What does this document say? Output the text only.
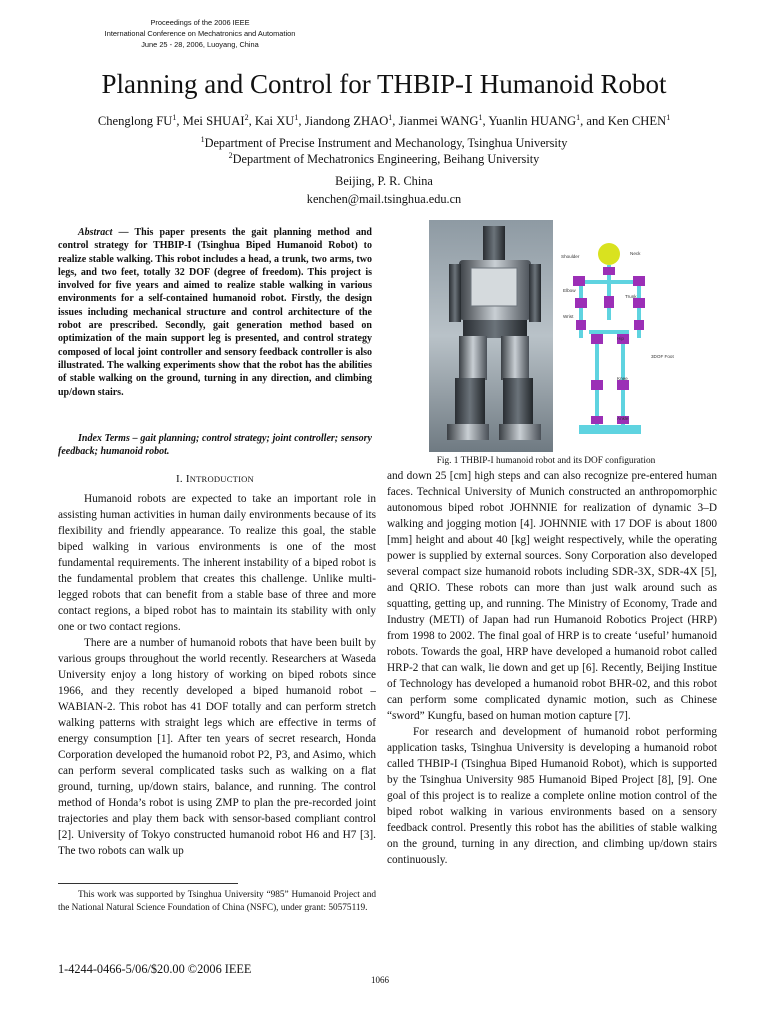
Proceedings of the 2006 IEEE
International Conference on Mechatronics and Automation
June 25 - 28, 2006, Luoyang, China
Planning and Control for THBIP-I Humanoid Robot
Chenglong $FU^1$, Mei SHUAI$^2$, Kai $XU^1$, Jiandong ZHAO$^1$, Jianmei WANG$^1$, Yuanlin HUANG$^1$, and Ken CHEN$^1$
$^1$Department of Precise Instrument and Mechanology, Tsinghua University
$^2$Department of Mechatronics Engineering, Beihang University
Beijing, P. R. China
kenchen@mail.tsinghua.edu.cn
Abstract — This paper presents the gait planning method and control strategy for THBIP-I (Tsinghua Biped Humanoid Robot) to realize stable walking. This robot includes a head, a trunk, two arms, two legs, and two feet, totally 32 DOF (degree of freedom). This project is involved for five years and aimed to realize stable walking in various environments for a self-contained humanoid robot. Firstly, the design issues including mechanical structure and control architecture of the robot are prescribed. Secondly, gait generation method based on optimization of the main support leg is presented, and control strategy composed of local joint controller and sensory feedback controller is also illustrated. The walking experiments show that the robot has the abilities of stable walking on the ground, turning in any direction, and climbing up/down stairs.
Index Terms – gait planning; control strategy; joint controller; sensory feedback; humanoid robot.
I. INTRODUCTION

Humanoid robots are expected to take an important role in assisting human activities in human daily environments because of its flexibility and friendly appearance. To realize this goal, the stable biped walking in various environments is one of the most fundamental requirements. The inherent instability of a biped robot is the fundamental problem that creates this challenge. Unlike multi-legged robots that can benefit from a stable base of three and more contact regions, a biped robot has to maintain its stability with only one or two contact regions.

There are a number of humanoid robots that have been built by various groups throughout the world recently. Researchers at Waseda University enjoy a long history of working on biped robots since 1966, and they recently developed a biped humanoid robot – WABIAN-2. This robot has 41 DOF totally and can perform stretch walking patterns with straight legs which are effective in terms of energy consumption [1]. After ten years of secret research, Honda Corporation developed the humanoid robot P2, P3, and Asimo, which can perform several complicated tasks such as walking on a flat ground, turning, up/down stairs, balance, and running. The control method of Honda’s robot is using ZMP to plan the pre-recorded joint trajectories and play them back with sensor-based compliant control [2]. University of Tokyo constructed humanoid robot H6 and H7 [3]. The two robots can walk up

This work was supported by Tsinghua University “985” Humanoid Project and the National Natural Science Foundation of China (NSFC), under grant: 50575119.
1-4244-0466-5/06/$20.00 ©2006 IEEE
1066
Neck
Shoulder
Elbow
Trunk
Wrist
Hip
3DOF Foot
Knee
Ankle
Fig. 1 THBIP-I humanoid robot and its DOF configuration

and down 25 [cm] high steps and can also recognize pre-entered human faces. Technical University of Munich constructed an anthropomorphic autonomous biped robot JOHNNIE for realization of dynamic 3–D walking and jogging motion [4]. JOHNNIE with 17 DOF is about 1800 [mm] height and about 40 [kg] weight respectively, while the operating power is supplied by external sources. Sony Corporation also developed several compact size humanoid robots including SDR-3X, SDR-4X [5], and QRIO. These robots can more than just walk around such as squatting, getting up, and running. The Ministry of Economy, Trade and Industry (METI) of Japan had run Humanoid Robotics Project (HRP) from 1998 to 2002. The final goal of HRP is to create ‘useful’ humanoid robots. Towards the goal, HRP have developed a humanoid robot called HRP-2 that can walk, lie down and get up [6]. Recently, Beijing Institue of Technology has developed a humanoid robot BHR-02, and this robot can perform some complicated dynamic motion, such as Chinese “sword” Kungfu, based on human motion capture [7].

For research and development of humanoid robot performing application tasks, Tsinghua University is developing a humanoid robot called THBIP-I (Tsinghua Biped Humanoid Robot), which is supported by the Tsinghua University 985 Humanoid Biped Project [8], [9]. One goal of this project is to realize a complete online motion control of the biped robot walking in various environments based on a sensory feedback control. Presently this robot has the abilities of stable walking on the ground, turning in any direction, and climbing up/down stairs continuously.
